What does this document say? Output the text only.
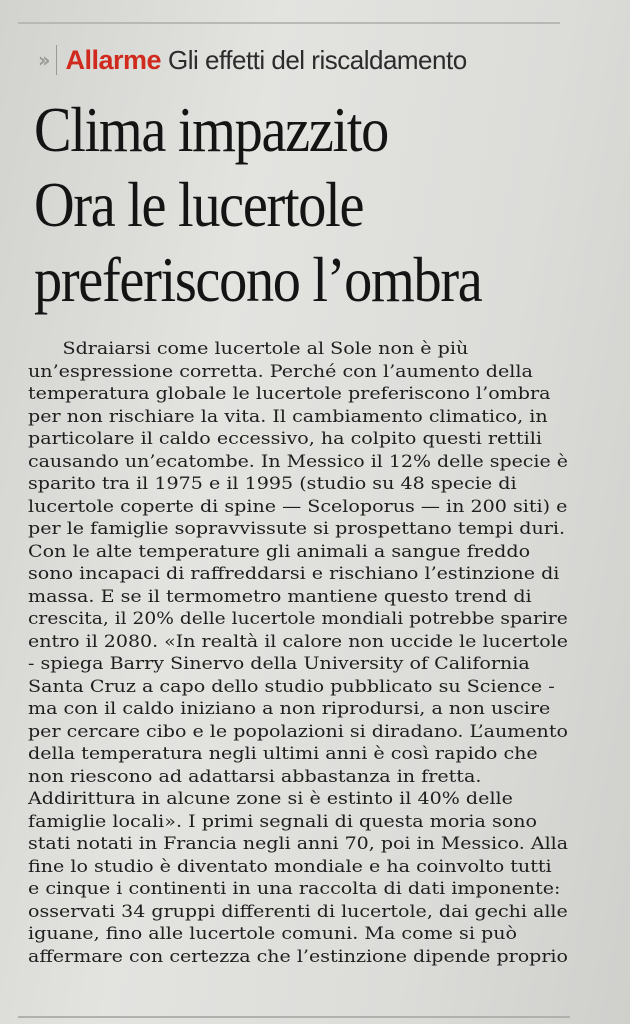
›› Allarme Gli effetti del riscaldamento
Clima impazzito
Ora le lucertole
preferiscono l’ombra

Sdraiarsi come lucertole al Sole non è più
un’espressione corretta. Perché con l’aumento della
temperatura globale le lucertole preferiscono l’ombra
per non rischiare la vita. Il cambiamento climatico, in
particolare il caldo eccessivo, ha colpito questi rettili
causando un’ecatombe. In Messico il 12% delle specie è
sparito tra il 1975 e il 1995 (studio su 48 specie di
lucertole coperte di spine — Sceloporus — in 200 siti) e
per le famiglie sopravvissute si prospettano tempi duri.
Con le alte temperature gli animali a sangue freddo
sono incapaci di raffreddarsi e rischiano l’estinzione di
massa. E se il termometro mantiene questo trend di
crescita, il 20% delle lucertole mondiali potrebbe sparire
entro il 2080. «In realtà il calore non uccide le lucertole
- spiega Barry Sinervo della University of California
Santa Cruz a capo dello studio pubblicato su Science -
ma con il caldo iniziano a non riprodursi, a non uscire
per cercare cibo e le popolazioni si diradano. L’aumento
della temperatura negli ultimi anni è così rapido che
non riescono ad adattarsi abbastanza in fretta.
Addirittura in alcune zone si è estinto il 40% delle
famiglie locali». I primi segnali di questa moria sono
stati notati in Francia negli anni 70, poi in Messico. Alla
fine lo studio è diventato mondiale e ha coinvolto tutti
e cinque i continenti in una raccolta di dati imponente:
osservati 34 gruppi differenti di lucertole, dai gechi alle
iguane, fino alle lucertole comuni. Ma come si può
affermare con certezza che l’estinzione dipende proprio
